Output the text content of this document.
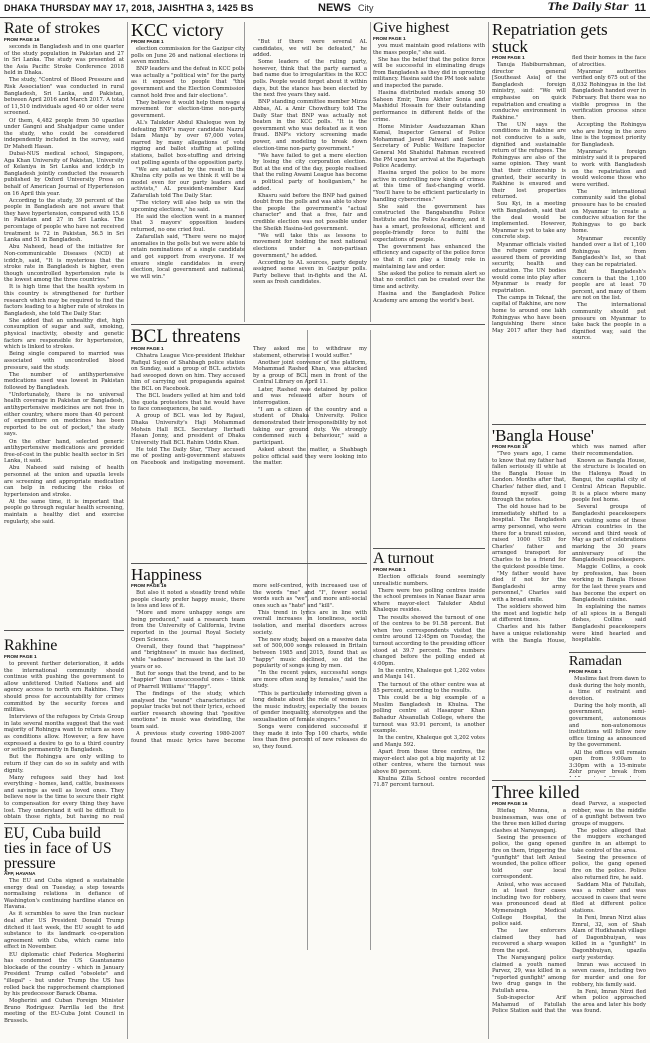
DHAKA THURSDAY MAY 17, 2018, JAISHTHA 3, 1425 BS	NEWS City	The Daily Star 11
Rate of strokes
FROM PAGE 16

seconds in Bangladesh and in one quarter of the study population in Pakistan and 27 in Sri Lanka. The study was presented at the Asia Pacific Stroke Conference 2018 held in Dhaka.

The study, "Control of Blood Pressure and Risk Association" was conducted in rural Bangladesh, Sri Lanka, and Pakistan, between April 2016 and March 2017. A total of 11,510 individuals aged 40 or older were screened.

Of them, 4,482 people from 50 upazilas under Gangni and Shahjadpur came under the study, who could be considered independently included in the survey, said Dr Mahedi Hasan.

Dubai-NUS medical school, Singapore, Aga Khan University of Pakistan, University of Kelaniya in Sri Lanka and icddr,b in Bangladesh jointly conducted the research published by Oxford University Press on behalf of American Journal of Hypertension on 16 April this year.

According to the study, 39 percent of the people in Bangladesh are not aware that they have hypertension, compared with 15.6 in Pakistan and 27 in Sri Lanka. The percentage of people who have not received treatment is 72 in Pakistan, 56.5 in Sri Lanka and 51 in Bangladesh.

Abu Naheed, head of the initiative for Non-communicable Diseases (NCD) at icddr,b, said, "It is mysterious that the stroke rate in Bangladesh is higher, even though uncontrolled hypertension rate is the lowest among the three countries."

It is high time that the health system in this country is strengthened for further research which may be required to find the factors leading to a higher rate of strokes in Bangladesh, she told The Daily Star.

She added that an unhealthy diet, high consumption of sugar and salt, smoking, physical inactivity, obesity and genetic factors are responsible for hypertension, which is linked to strokes.

Being single compared to married was associated with uncontrolled blood pressure, said the study.

The number of antihypertensive medications used was lowest in Pakistan followed by Bangladesh.

"Unfortunately, there is no universal health coverage in Pakistan or Bangladesh, antihypertensive medicines are not free in either country, where more than 40 percent of expenditure on medicines has been reported to be out of pocket," the study says.

On the other hand, selected generic antihypertensive medications are provided free-of-cost in the public health sector in Sri Lanka, it said.

Abu Naheed said raising of health personnel at the union and upazila levels are screening and appropriate medication can help in reducing the risks of hypertension and stroke.

At the same time, it is important that people go through regular health screening, maintain a healthy diet and exercise regularly, she said.

Rakhine
FROM PAGE 1

to prevent further deterioration, it adds the international community should continue with pushing the government to allow unfettered United Nations and aid agency access to north ern Rakhine. They should press for accountability for crimes committed by the security forces and militias.

Interviews of the refugees by Crisis Group in late several months suggest that the vast majority of Rohingya want to return as soon as conditions allow. However, a few have expressed a desire to go to a third country or settle permanently in Bangladesh.

But the Rohingya are only willing to return if they can do so in safety and with dignity.

Many refugees said they had lost everything - homes, land, cattle, businesses and savings as well as loved ones. They believe now is the time to secure their right to compensation for every thing they have lost. They understand it will be difficult to obtain those rights, but having no real

EU, Cuba build ties in face of US pressure
AFP, HAVANA

The EU and Cuba signed a sustainable energy deal on Tuesday, a step towards normalising relations in defiance of Washington's continuing hardline stance on Havana.

As it scrambles to save the Iran nuclear deal after US President Donald Trump ditched it last week, the EU sought to add substance to its landmark co-operation agreement with Cuba, which came into effect in November.

EU diplomatic chief Federica Mogherini has condemned the US Guantanamo blockade of the country - which in January President Trump called "obsolete" and "illegal" - but under Trump the US has rolled back the rapprochement championed by his predecessor Barack Obama.

Mogherini and Cuban Foreign Minister Bruno Rodriguez Parrilla led the first meeting of the EU-Cuba Joint Council in Brussels.

KCC victory
FROM PAGE 1

election commission for the Gazipur city polls on June 26 and national elections in seven months.

BNP leaders and the defeat in KCC polls was actually a "political win" for the party as it exposed to people that "this government and the Election Commission cannot hold free and fair elections".

They believe it would help them wage a movement for election-time non-party government.

AL's Talukder Abdul Khaleque won by defeating BNP's mayor candidate Nazrul Islam Manju by over 67,000 votes, marred by many allegations of vote rigging and ballot stuffing at polling stations, ballot box-stuffing and driving out polling agents of the opposition party.

"We are satisfied by the result in the Khulna city polls as we think it will be a model even for our party leaders and activists," AL president-member Kazi Zafarullah told The Daily Star.

"The victory will also help us win the upcoming elections," he said.

He said the election went in a manner that 3 mayors' opposition leaders returned, no one cried foul.

Zafarullah said, "There were no major anomalies in the polls but we were able to retain nominations of a single candidate and got support from everyone. If we ensure single candidates in every election, local government and national, we will win."

"But if there were several AL candidates, we will be defeated," he added.

Some leaders of the ruling party, however, think that the party earned a bad name due to irregularities in the KCC polls. People would forget about it within days, but the stance has been elected by the next five years they said.

BNP standing committee member Mirza Abbas, AL a Amir Chowdhury told The Daily Star that BNP was actually not beaten in the KCC polls. "It is the government who was defeated as it won fraud. BNP's victory screening made power, and modeling to break down election-time non-party government."

"We have failed to get a mere election by losing the city corporation election. But at the end of the day, people realised that the ruling Awami League has become a political party of hooliganism," he added.

Khasru said before the BNP had gained doubt from the polls and was able to show the people the government's "actual character" and that a free, fair and credible election was not possible under the Sheikh Hasina-led government.

"We will take this as lessons to movement for holding the next national elections under a non-partisan government," he added.

According to AL sources, party deputy assigned some seven in Gazipur polls. Party believe that in-fights and the AL seen as fresh candidates.

Give highest
FROM PAGE 1

you must maintain good relations with the mass people," she said.

She has the belief that the police force will be successful in eliminating drugs from Bangladesh as they did in uprooting militancy. Hasina said the PM took salute and inspected the parade.

Hasina distributed medals among 50 Saheen Emir, Tonu Akhter Sonia and Mashidul Hossain for their outstanding performance in different fields of the crime.

Home Minister Asaduzzaman Khan Kamal, Inspector General of Police Mohammad Javed Patwari and Senior Secretary of Public Welfare Inspector General Md Shahidul Rahman received the PM upon her arrival at the Rajarbagh Police Academy.

Hasina urged the police to be more active in controlling new kinds of crimes at this time of fast-changing world. "You'll have to be efficient particularly in handling cybercrimes."

She said the government has constructed the Bangabandhu Police Institute and the Police Academy, and it has a smart, professional, efficient and people-friendly force to fulfil the expectations of people.

The government has enhanced the efficiency and capacity of the police force so that it can play a timely role in maintaining law and order.

She asked the police to remain alert so that no conflict can be created over the time and activity.

Hasina and the Bangladesh Police Academy are among the world's best.

BCL threatens
FROM PAGE 1

Chhatra League Vice-president Iftekhar Rafiqul Sujon of Shahbagh police station on Sunday, said a group of BCL activists had swooped down on him. They accused him of carrying out propaganda against the BCL on Facebook.

The BCL leaders yelled at him and told the quota protestors that he would have to face consequences, he said.

A group of BCL was led by Rajaul, Dhaka University's Haji Mohammad Mohsin Hall BCL Secretary Iterhadi Hasan Jonny, and president of Dhaka University Hall BCL Rahim Uddin Khan.

He told The Daily Star, "They accused me of posting anti-government statuses on Facebook and instigating movement. They asked me to withdraw my statement, otherwise I would suffer."

Another joint convenor of the platform, Mohammad Rashed Khan, was attacked by a group of BCL men in front of the Central Library on April 11.

Later, Rashed was detained by police and was released after hours of interrogation.

"I am a citizen of the country and a student of Dhaka University. Police demonstrated their irresponsibility by not taking our ground duty. We strongly condemned such a behaviour," said a participant.

Asked about the matter, a Shahbagh police official said they were looking into the matter.

Happiness
FROM PAGE 16

But also it noted a steadily trend while people clearly prefer happy music, there is less and less of it.

"More and more unhappy songs are being produced," said a research team from the University of California, Irvine reported in the journal Royal Society Open Science.

Overall, they found that "happiness" and "brightness" in music has declined, while "sadness" increased in the last 30 years or so.

But for songs that the trend, and to be "happier" than unsuccessful ones - think of Pharrell Williams' "Happy".

The findings of the study, which analysed the "sound" characteristics of popular tracks but not their lyrics, echoed earlier research showing that "positive emotions" in music was dwindling, the team said.

A previous study covering 1980-2007 found that music lyrics have become more self-centred, with increased use of the words "me" and "I", fewer social words such as "we", and more anti-social ones such as "hate" and "kill".

This trend in lyrics are in line with overall increases in loneliness, social isolation, and mental disorders across society.

The new study, based on a massive data set of 500,000 songs released in Britain between 1985 and 2015, found that as "happy" music declined, so did the popularity of songs sung by men.

"In the recent years, successful songs are more often sung by females," said the study.

"This is particularly interesting given a long debate about the role of women in the music industry, especially the issues of gender inequality, stereotypes and the sexualisation of female singers."

Songs were considered successful if they made it into Top 100 charts, while less than five percent of new releases do so, they found.

A turnout
FROM PAGE 1

Election officials found seemingly unrealistic numbers.

There were two polling centres inside the school premises in Nanae Bazar area where mayor-elect Talukder Abdul Khaleque resides.

The results showed the turnout of one of the centres to be 91.58 percent. But when two correspondents visited the centre around 12:45pm on Tuesday, the turnout according to the presiding officer stood at 39.7 percent. The numbers changed before the polling ended at 4:00pm.

In the centre, Khaleque got 1,202 votes and Manju 141.

The turnout of the other centre was at 85 percent, according to the results.

This could be a big example of a Muslim Bangladesh in Khulna. The polling centre at Hasanpur Khan Bahadur Ahsanullah College, where the turnout was 93.91 percent, is another example.

In the centre, Khaleque got 3,202 votes and Manju 592.

Apart from these three centres, the mayor-elect also got a big majority at 12 other centres, where the turnout was above 80 percent.

Khulna Zilla School centre recorded 71.87 percent turnout.

Repatriation gets stuck
FROM PAGE 1

Tanuja Habiburrahman, director general [Southeast Asia] of the Bangladesh foreign ministry, said: "We will emphasise on quick repatriation and creating a conducive environment in Rakhine."

The UN says the conditions in Rakhine are not conducive to a safe, dignified and sustainable return of the refugees. The Rohingyas are also of the same opinion. They want that their citizenship is granted, their security in Rakhine is ensured and their lost properties returned.

Suu Kyi, in a meeting with Bangladesh, said that the deal would be implemented. However, Myanmar is yet to take any concrete step.

Myanmar officials visited the refugee camps and assured them of providing security, health and education. The UN bodies would come into play after Myanmar is ready for repatriation.

The camps in Teknaf, the capital of Rakhine, are now home to around one lakh Rohingyas who have been languishing there since May 2017 after they had fled their homes in the face of atrocities.

Myanmar authorities verified only 675 out of the 8,032 Rohingyas in the list Bangladesh handed over in February. But there was no visible progress in the verification process since then.

Accepting the Rohingya who are living in the zero line is the topmost priority for Bangladesh.

Myanmar's foreign ministry said it is prepared to work with Bangladesh on the repatriation and would welcome those who were verified.

The international community said the global pressure has to be created on Myanmar to create a conducive situation for the Rohingyas to go back home.

Myanmar recently handed over a list of 1,100 Rohingyas from Bangladesh's list, so that they can be repatriated.

But Bangladesh's concern is that the 1,100 people are at least 70 percent, and many of them are not on the list.

The international community should put pressure on Myanmar to take back the people in a dignified way, said the source.

'Bangla House'
FROM PAGE 16

"Two years ago, I came to know that my father had fallen seriously ill while at the Bangla House in London. Months after that, Charles' father died, and I found myself going through the notes.

The old house had to be immediately shifted to a hospital. The Bangladesh army personnel, who were there for a transit mission, raised 1000 USD for Charles' father and arranged transport for Charles to be a friend for the quickest possible time.

"My father would have died if not for the Bangladeshi army personnel," Charles said with a broad smile.

The soldiers showed him the most and logistic help at different times.

Charles and his father have a unique relationship with the Bangla House, which was named after their recommendation.

Known as Bangla House, the structure is located on the Halenya Road in Bangui, the capital city of Central African Republic. It is a place where many people feel home.

Several groups of Bangladeshi peacekeepers are visiting some of these African countries in the second and third week of May as part of celebrations marking the 30 years anniversary of the Bangladeshi peacekeepers.

Maggie Collins, a cook by profession, has been working in Bangla House for the last three years and has become the expert on Bangladeshi cuisine.

In explaining the names of all spices in a Bengali dishes, Collins said Bangladeshi peacekeepers were kind hearted and hospitable.

Ramadan
FROM PAGE 1

Muslims fast from dawn to dusk during the holy month, a time of restraint and devotion.

During the holy month, all government, semi-government, autonomous and non-autonomous institutions will follow new office timing as announced by the government.

All the offices will remain open from 9:00am to 3:30pm with a 15-minute Zohr prayer break from

Three killed
FROM PAGE 16

Ittefaq Munna, a businessman, was one of the three men killed during clashes at Narayanganj.

Seeing the presence of police, the gang opened fire on them, triggering the "gunfight" that left Anisul wounded, the police officer told our local correspondent.

Anisul, who was accused in at least four cases including two for robbery, was pronounced dead at Mymensingh Medical College Hospital, the police said.

The law enforcers claimed they had recovered a sharp weapon from the spot.

The Narayanganj police claimed a youth named Parvez, 29, was killed in a "reported gunfight" among two drug gangs in the Fatullah area.

Sub-inspector Arif Mahamud of Fatullah Police Station said that the dead Parvez, a suspected robber, was in the middle of a gunfight between two groups of muggers.

The police alleged that the muggers exchanged gunfire in an attempt to take control of the area.

Seeing the presence of police, the gang opened fire on the police. Police also returned fire, he said.

Saddam Mia of Fatullah, was a robber and was accused in cases that were filed at different police stations.

In Feni, Imran Nirzi alias Emrul, 32, son of Shah Alam of Hudkhanah village of Dagonbhuiyan, was killed in a "gunfight" in Dagonbhuiyan, upazila early yesterday.

Imran was accused in seven cases, including two for murder and one for robbery, his family said.

In Feni, Imran Nirzi fled when police approached the area and later his body was found.
